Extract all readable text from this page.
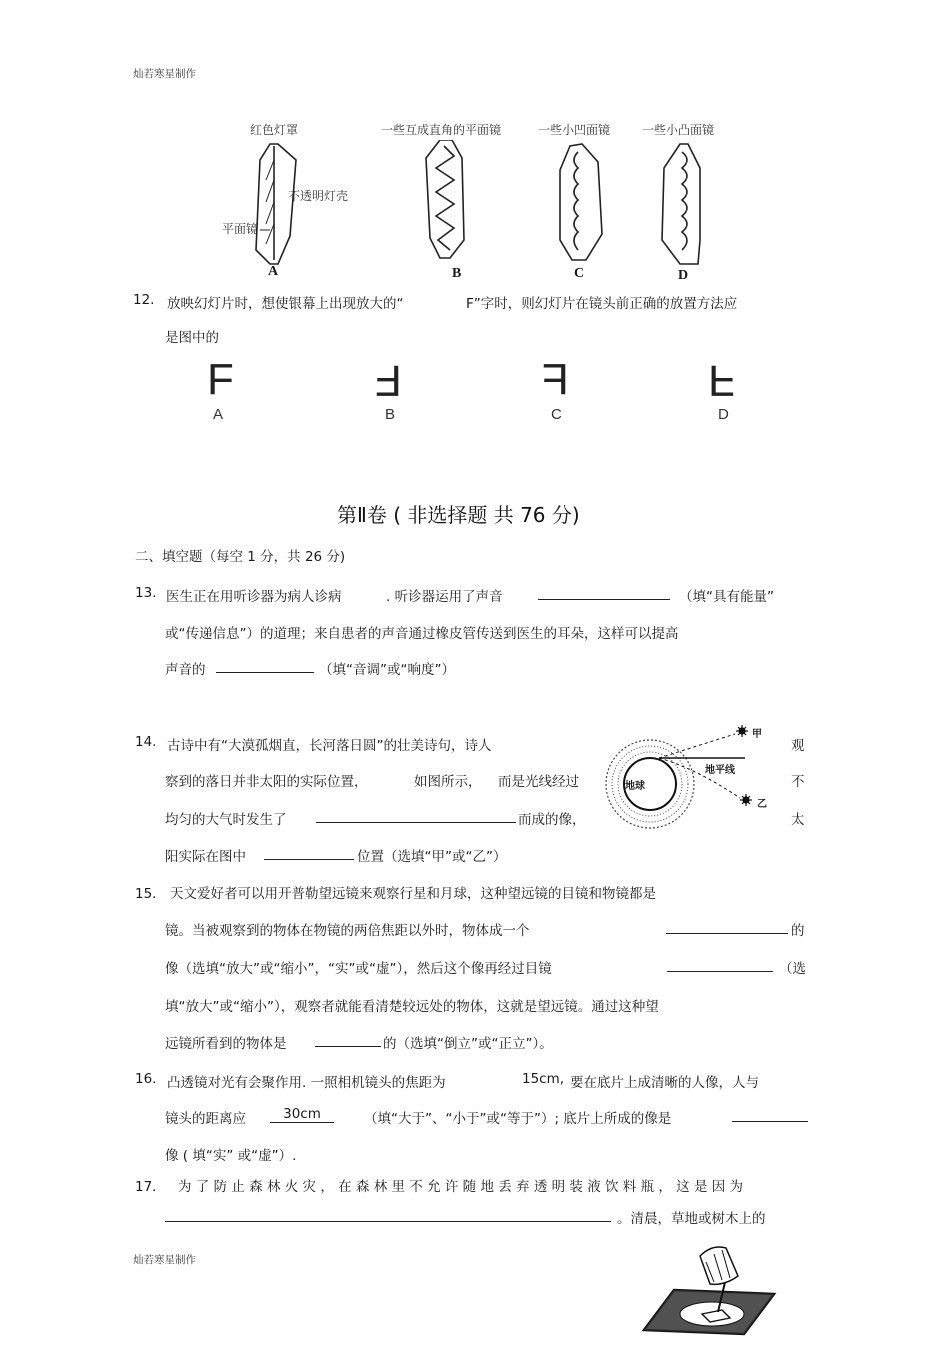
灿若寒星制作
红色灯罩	一些互成直角的平面镜	一些小凹面镜	一些小凸面镜
不透明灯壳
平面镜
A	B	C	D
12. 放映幻灯片时，想使银幕上出现放大的“	F”字时，则幻灯片在镜头前正确的放置方法应
是图中的
F	F	F	F
A	B	C	D
第Ⅱ卷 ( 非选择题 共 76 分)
二、填空题（每空 1 分，共 26 分)
13. 医生正在用听诊器为病人诊病	. 听诊器运用了声音	（填“具有能量”
或“传递信息”）的道理；来自患者的声音通过橡皮管传送到医生的耳朵，这样可以提高
声音的	（填“音调”或“响度”）
14. 古诗中有“大漠孤烟直，长河落日圆”的壮美诗句，诗人	观
察到的落日并非太阳的实际位置，	如图所示， 而是光线经过	不
均匀的大气时发生了	而成的像，	太
阳实际在图中	位置（选填“甲”或“乙”）
地球
地平线
甲
乙
15． 天文爱好者可以用开普勒望远镜来观察行星和月球，这种望远镜的目镜和物镜都是
镜。当被观察到的物体在物镜的两倍焦距以外时，物体成一个	的
像（选填“放大”或“缩小”，“实”或“虚”），然后这个像再经过目镜	（选
填“放大”或“缩小”），观察者就能看清楚较远处的物体，这就是望远镜。通过这种望
远镜所看到的物体是	的（选填“倒立”或“正立”）。
16. 凸透镜对光有会聚作用. 一照相机镜头的焦距为	15cm, 要在底片上成清晰的人像，人与
镜头的距离应	30cm	（填“大于”、“小于”或“等于”）; 底片上所成的像是
像 ( 填“实” 或“虚”）.
17． 为 了 防 止 森 林 火 灾 ， 在 森 林 里 不 允 许 随 地 丢 弃 透 明 装 液 饮 料 瓶 ， 这 是 因 为
。清晨，草地或树木上的
灿若寒星制作
